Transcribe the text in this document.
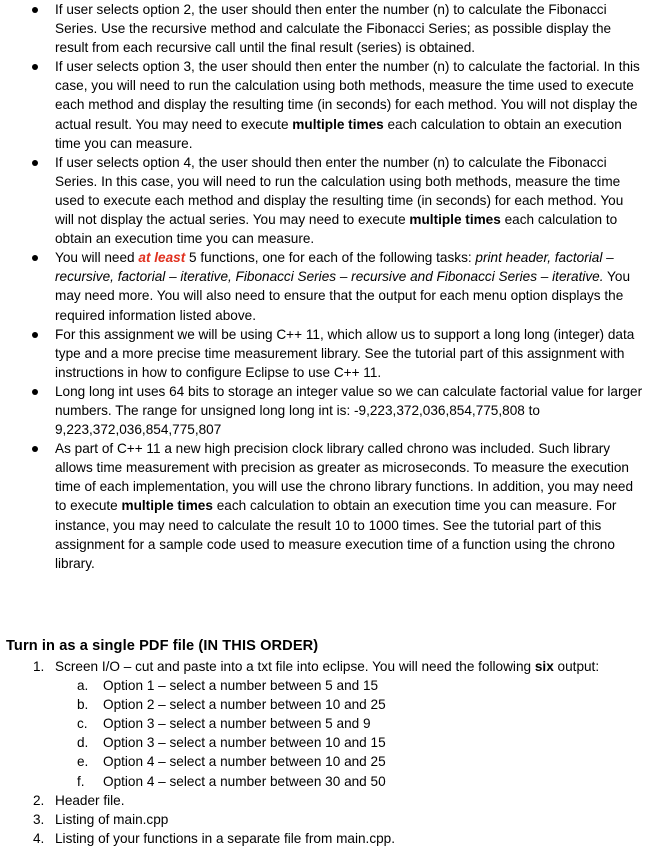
If user selects option 2, the user should then enter the number (n) to calculate the Fibonacci Series. Use the recursive method and calculate the Fibonacci Series; as possible display the result from each recursive call until the final result (series) is obtained.
If user selects option 3, the user should then enter the number (n) to calculate the factorial. In this case, you will need to run the calculation using both methods, measure the time used to execute each method and display the resulting time (in seconds) for each method. You will not display the actual result. You may need to execute multiple times each calculation to obtain an execution time you can measure.
If user selects option 4, the user should then enter the number (n) to calculate the Fibonacci Series. In this case, you will need to run the calculation using both methods, measure the time used to execute each method and display the resulting time (in seconds) for each method. You will not display the actual series. You may need to execute multiple times each calculation to obtain an execution time you can measure.
You will need at least 5 functions, one for each of the following tasks: print header, factorial – recursive, factorial – iterative, Fibonacci Series – recursive and Fibonacci Series – iterative. You may need more. You will also need to ensure that the output for each menu option displays the required information listed above.
For this assignment we will be using C++ 11, which allow us to support a long long (integer) data type and a more precise time measurement library. See the tutorial part of this assignment with instructions in how to configure Eclipse to use C++ 11.
Long long int uses 64 bits to storage an integer value so we can calculate factorial value for larger numbers. The range for unsigned long long int is: -9,223,372,036,854,775,808 to 9,223,372,036,854,775,807
As part of C++ 11 a new high precision clock library called chrono was included. Such library allows time measurement with precision as greater as microseconds. To measure the execution time of each implementation, you will use the chrono library functions. In addition, you may need to execute multiple times each calculation to obtain an execution time you can measure. For instance, you may need to calculate the result 10 to 1000 times. See the tutorial part of this assignment for a sample code used to measure execution time of a function using the chrono library.
Turn in as a single PDF file (IN THIS ORDER)
1. Screen I/O – cut and paste into a txt file into eclipse. You will need the following six output:
a. Option 1 – select a number between 5 and 15
b. Option 2 – select a number between 10 and 25
c. Option 3 – select a number between 5 and 9
d. Option 3 – select a number between 10 and 15
e. Option 4 – select a number between 10 and 25
f. Option 4 – select a number between 30 and 50
2. Header file.
3. Listing of main.cpp
4. Listing of your functions in a separate file from main.cpp.
